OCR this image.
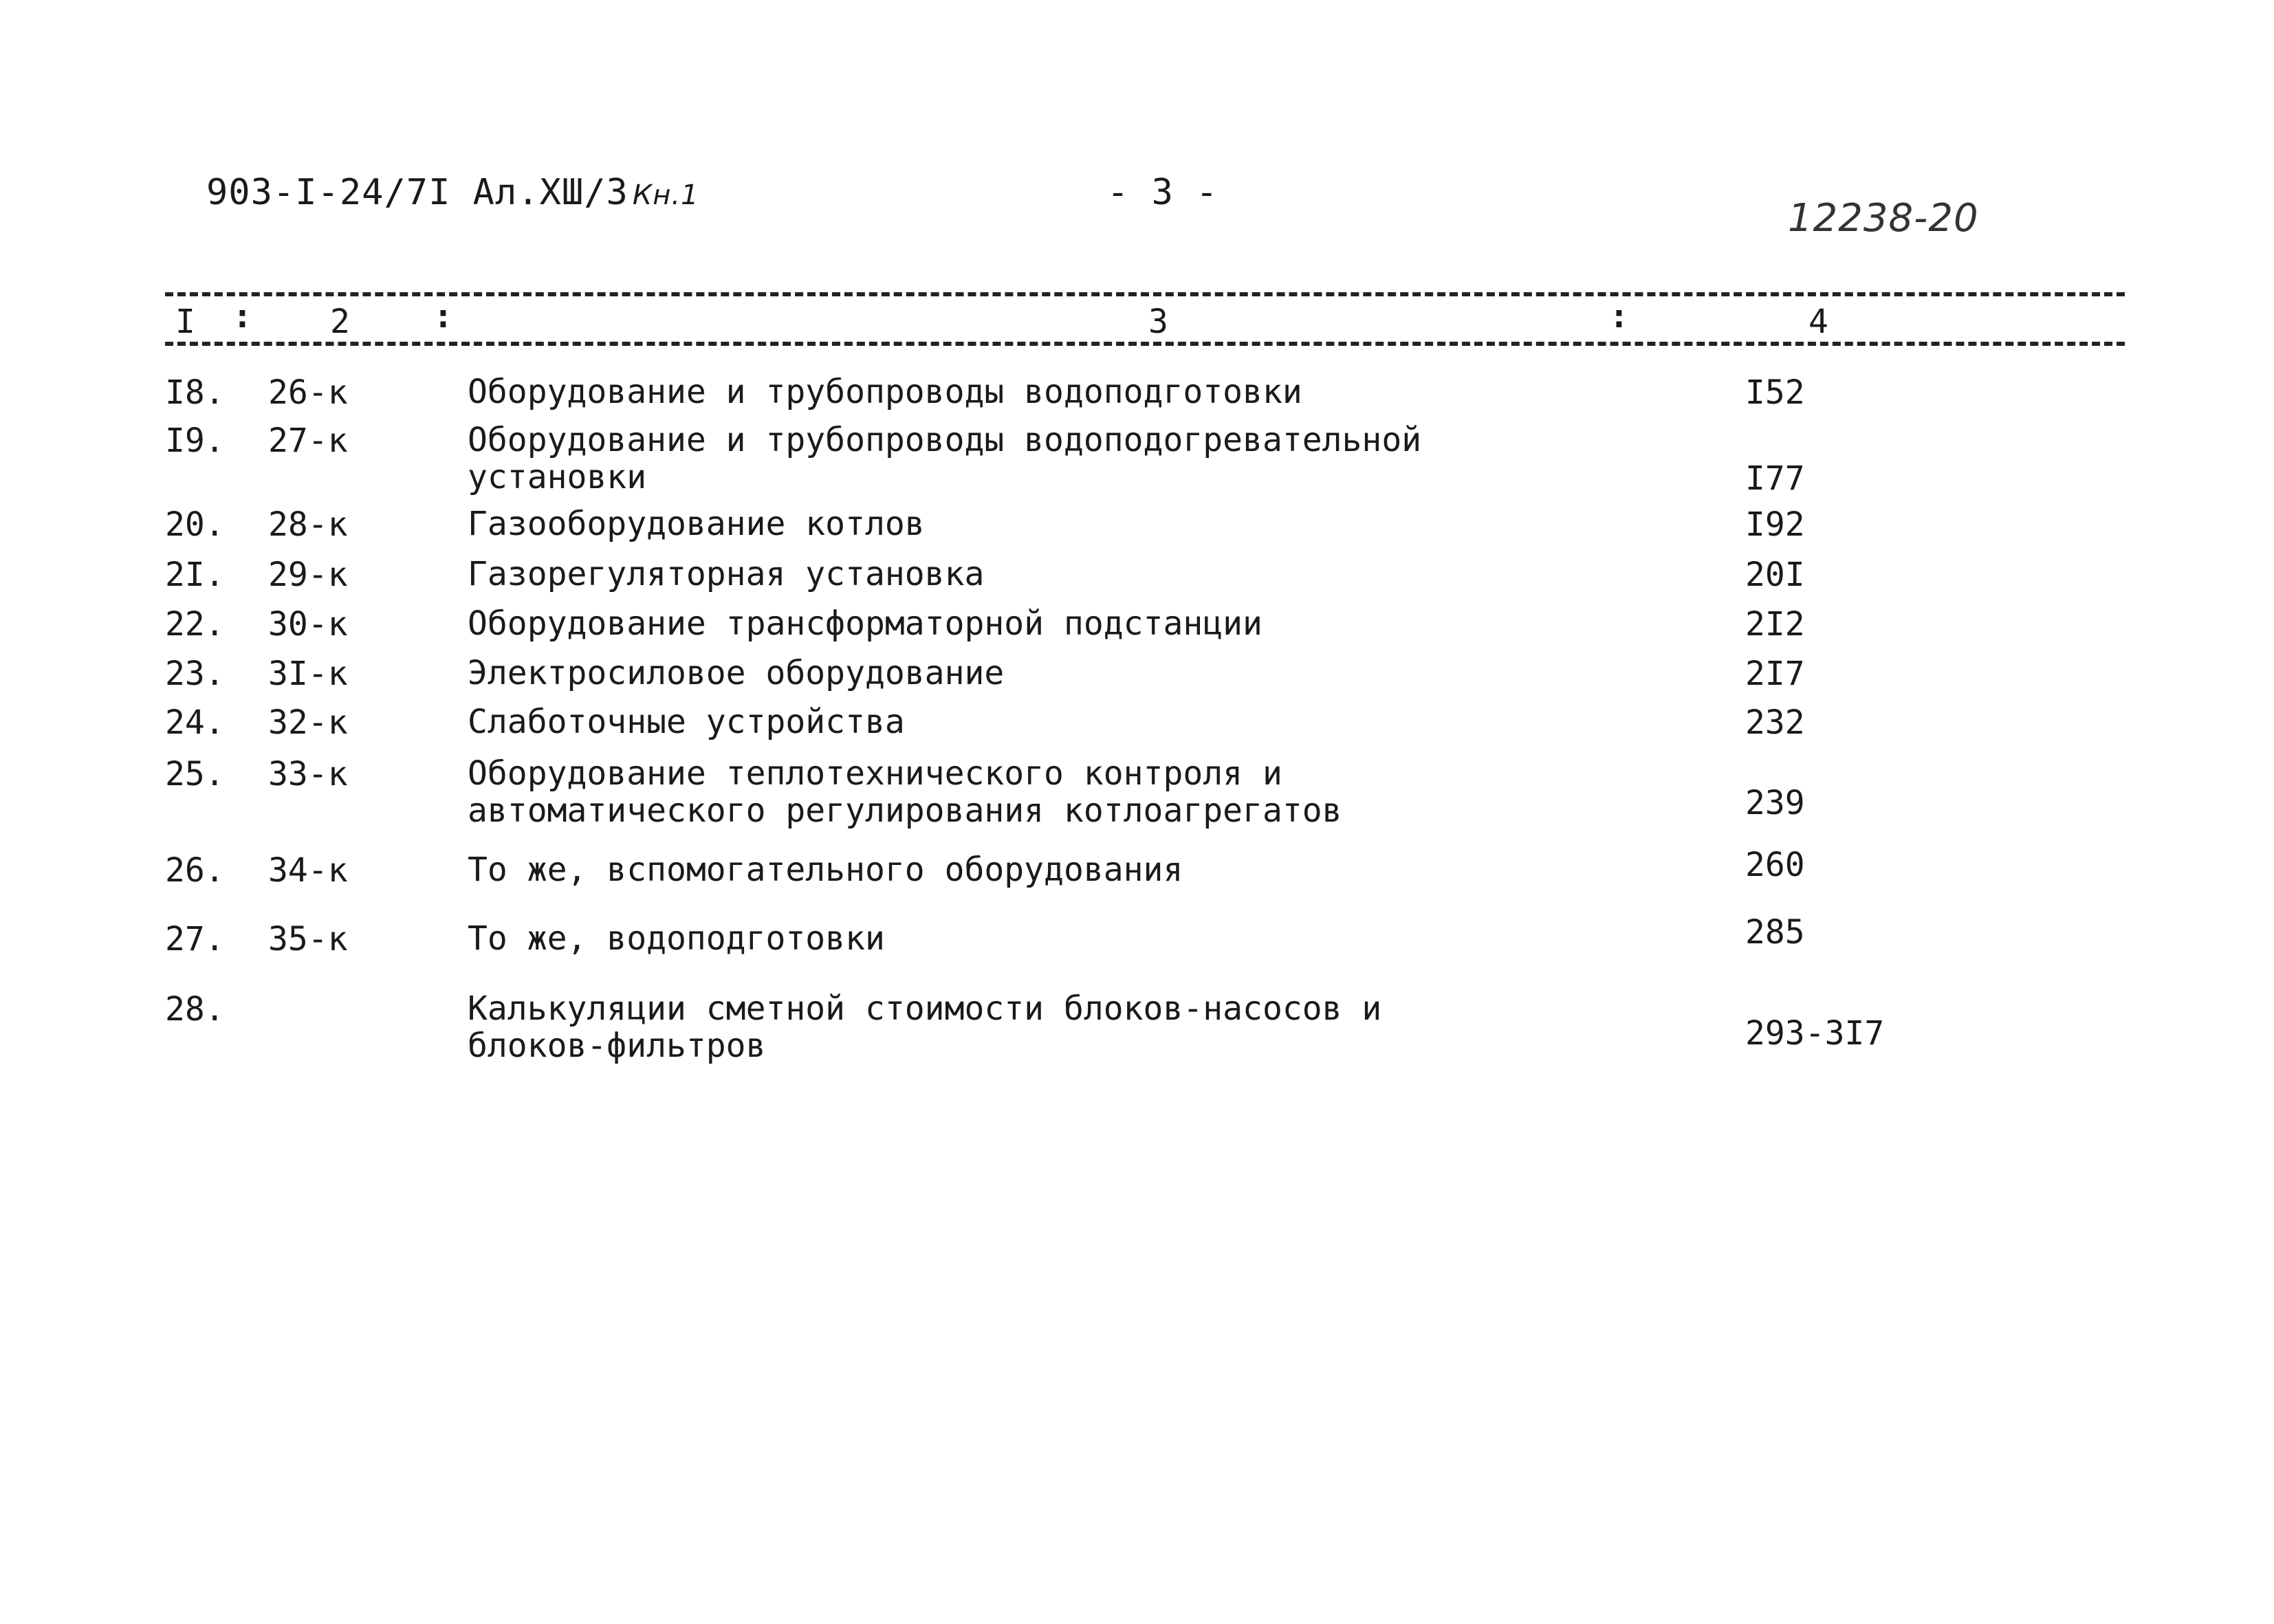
903-I-24/7I Ал.ХШ/3 Кн.1	- 3 -
12238-20
I : 2	:	3	:	4
I8. 26-к	Оборудование и трубопроводы водоподготовки	I52
I9. 27-к	Оборудование и трубопроводы водоподогревательной установки	I77
20. 28-к	Газооборудование котлов	I92
2I. 29-к	Газорегуляторная установка	20I
22. 30-к	Оборудование трансформаторной подстанции	2I2
23. 3I-к	Электросиловое оборудование	2I7
24. 32-к	Слаботочные устройства	232
25. 33-к	Оборудование теплотехнического контроля и автоматического регулирования котлоагрегатов	239
26. 34-к	То же, вспомогательного оборудования	260
27. 35-к	То же, водоподготовки	285
28.	Калькуляции сметной стоимости блоков-насосов и блоков-фильтров	293-3I7
